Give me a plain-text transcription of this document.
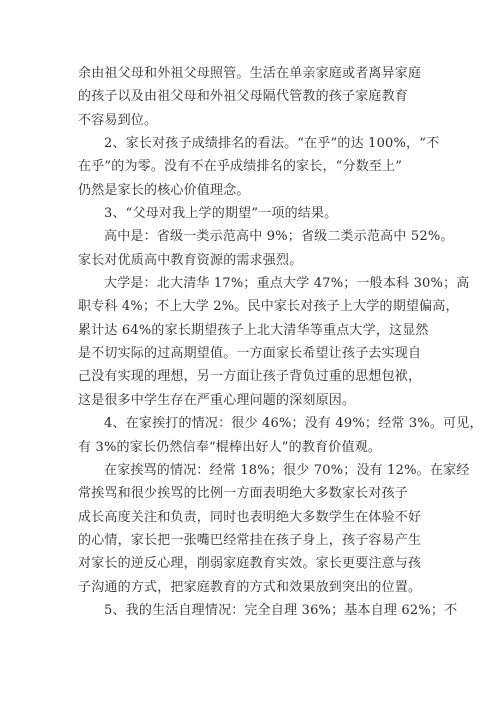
余由祖父母和外祖父母照管。生活在单亲家庭或者离异家庭
的孩子以及由祖父母和外祖父母隔代管教的孩子家庭教育
不容易到位。
2、家长对孩子成绩排名的看法。“在乎”的达 100%，“不
在乎”的为零。没有不在乎成绩排名的家长，“分数至上”
仍然是家长的核心价值理念。
3、“父母对我上学的期望”一项的结果。
高中是：省级一类示范高中 9%；省级二类示范高中 52%。
家长对优质高中教育资源的需求强烈。
大学是：北大清华 17%；重点大学 47%；一般本科 30%；高
职专科 4%；不上大学 2%。民中家长对孩子上大学的期望偏高，
累计达 64%的家长期望孩子上北大清华等重点大学，这显然
是不切实际的过高期望值。一方面家长希望让孩子去实现自
己没有实现的理想，另一方面让孩子背负过重的思想包袱，
这是很多中学生存在严重心理问题的深刻原因。
4、在家挨打的情况：很少 46%；没有 49%；经常 3%。可见，
有 3%的家长仍然信奉“棍棒出好人”的教育价值观。
在家挨骂的情况：经常 18%；很少 70%；没有 12%。在家经
常挨骂和很少挨骂的比例一方面表明绝大多数家长对孩子
成长高度关注和负责，同时也表明绝大多数学生在体验不好
的心情，家长把一张嘴巴经常挂在孩子身上，孩子容易产生
对家长的逆反心理，削弱家庭教育实效。家长更要注意与孩
子沟通的方式，把家庭教育的方式和效果放到突出的位置。
5、我的生活自理情况：完全自理 36%；基本自理 62%；不
